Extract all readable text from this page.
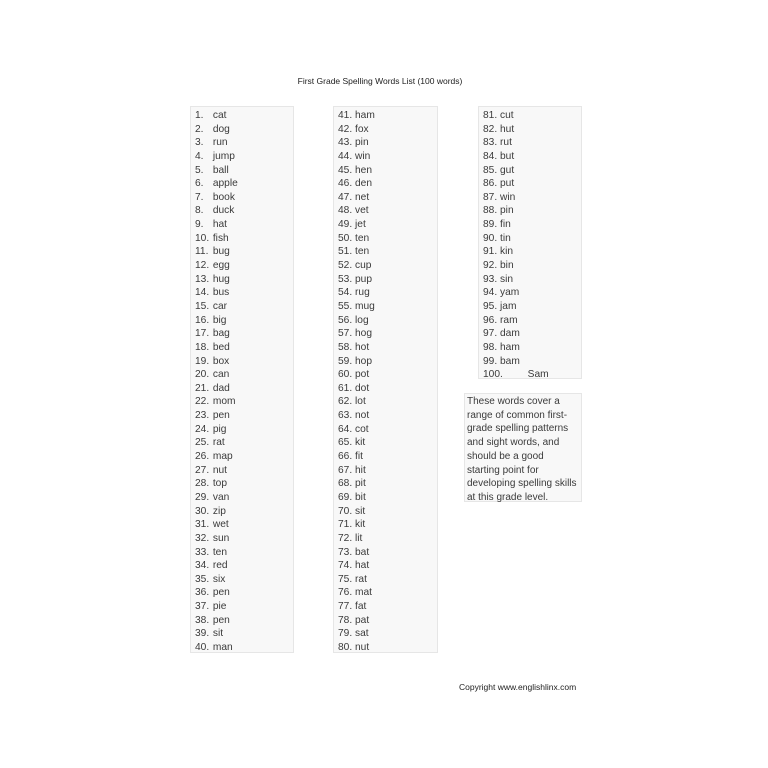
First Grade Spelling Words List (100 words)
1. cat
2. dog
3. run
4. jump
5. ball
6. apple
7. book
8. duck
9. hat
10. fish
11. bug
12. egg
13. hug
14. bus
15. car
16. big
17. bag
18. bed
19. box
20. can
21. dad
22. mom
23. pen
24. pig
25. rat
26. map
27. nut
28. top
29. van
30. zip
31. wet
32. sun
33. ten
34. red
35. six
36. pen
37. pie
38. pen
39. sit
40. man
41. ham
42. fox
43. pin
44. win
45. hen
46. den
47. net
48. vet
49. jet
50. ten
51. ten
52. cup
53. pup
54. rug
55. mug
56. log
57. hog
58. hot
59. hop
60. pot
61. dot
62. lot
63. not
64. cot
65. kit
66. fit
67. hit
68. pit
69. bit
70. sit
71. kit
72. lit
73. bat
74. hat
75. rat
76. mat
77. fat
78. pat
79. sat
80. nut
81. cut
82. hut
83. rut
84. but
85. gut
86. put
87. win
88. pin
89. fin
90. tin
91. kin
92. bin
93. sin
94. yam
95. jam
96. ram
97. dam
98. ham
99. bam
100. Sam
These words cover a range of common first-grade spelling patterns and sight words, and should be a good starting point for developing spelling skills at this grade level.
Copyright www.englishlinx.com
